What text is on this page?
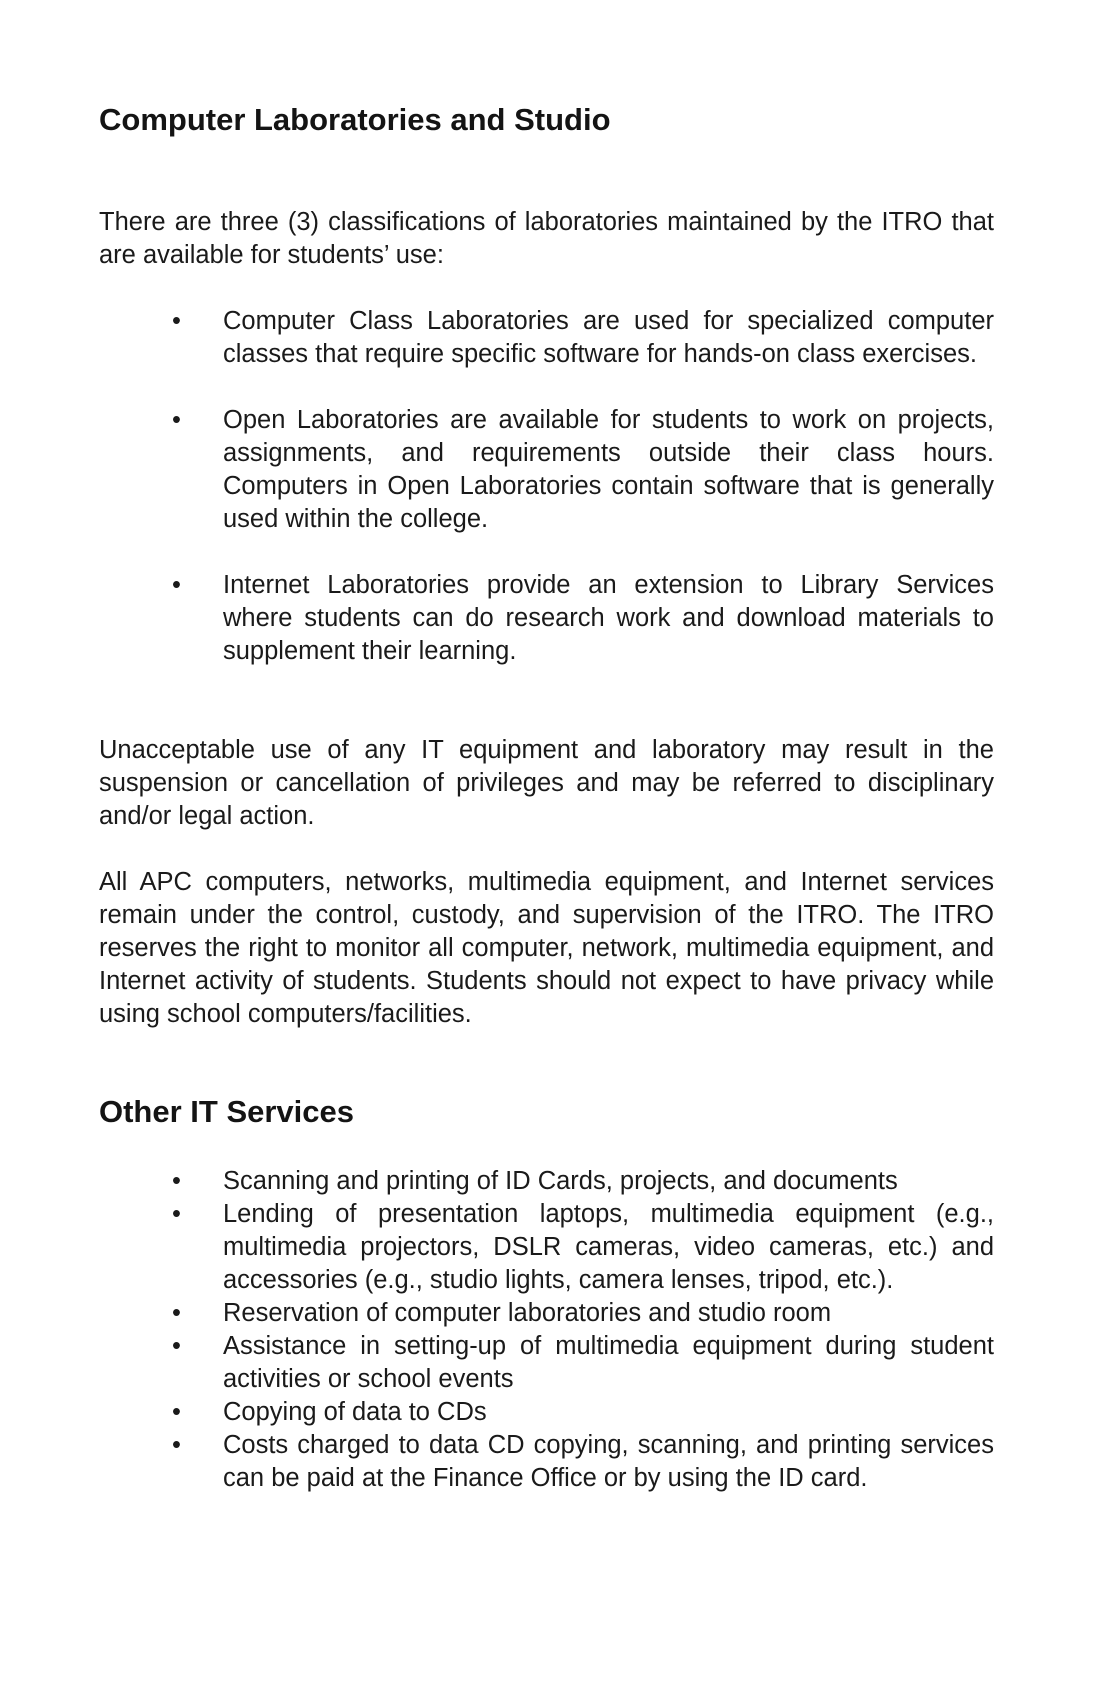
Computer Laboratories and Studio

There are three (3) classifications of laboratories maintained by the ITRO that are available for students’ use:

• Computer Class Laboratories are used for specialized computer classes that require specific software for hands-on class exercises.
• Open Laboratories are available for students to work on projects, assignments, and requirements outside their class hours. Computers in Open Laboratories contain software that is generally used within the college.
• Internet Laboratories provide an extension to Library Services where students can do research work and download materials to supplement their learning.

Unacceptable use of any IT equipment and laboratory may result in the suspension or cancellation of privileges and may be referred to disciplinary and/or legal action.

All APC computers, networks, multimedia equipment, and Internet services remain under the control, custody, and supervision of the ITRO. The ITRO reserves the right to monitor all computer, network, multimedia equipment, and Internet activity of students. Students should not expect to have privacy while using school computers/facilities.

Other IT Services
• Scanning and printing of ID Cards, projects, and documents
• Lending of presentation laptops, multimedia equipment (e.g., multimedia projectors, DSLR cameras, video cameras, etc.) and accessories (e.g., studio lights, camera lenses, tripod, etc.).
• Reservation of computer laboratories and studio room
• Assistance in setting-up of multimedia equipment during student activities or school events
• Copying of data to CDs
• Costs charged to data CD copying, scanning, and printing services can be paid at the Finance Office or by using the ID card.
